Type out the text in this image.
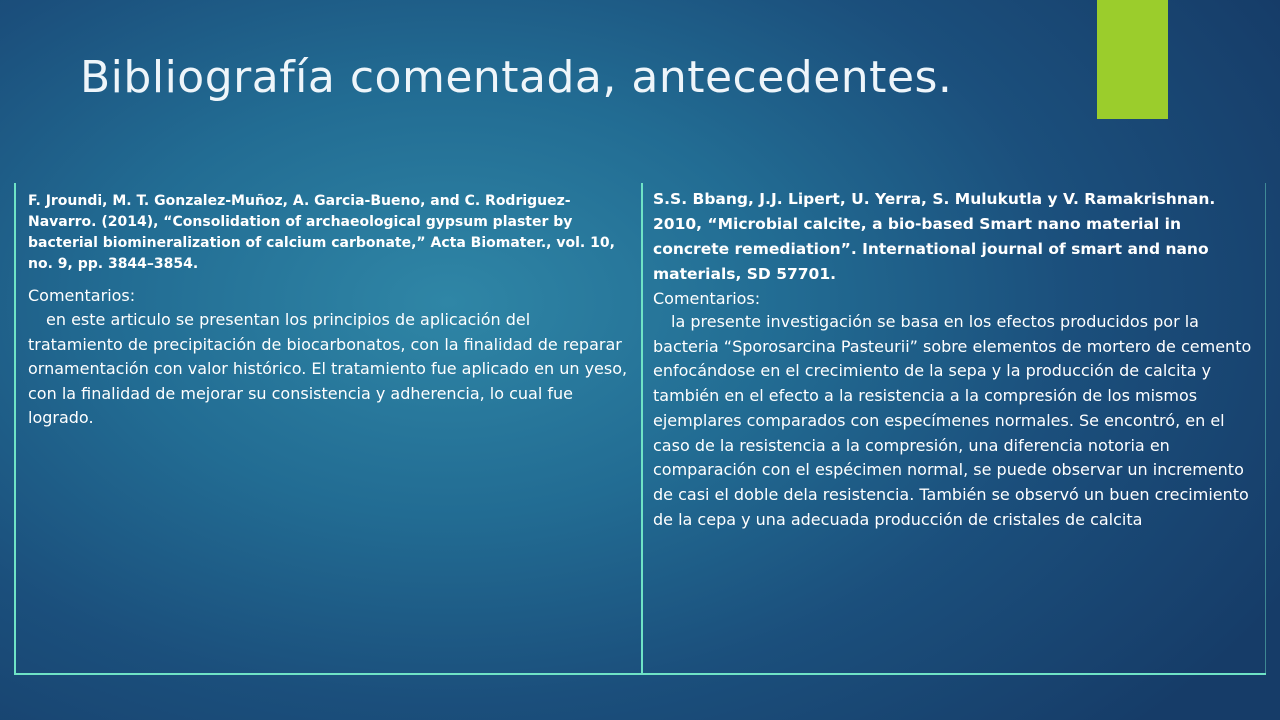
Bibliografía comentada, antecedentes.

F. Jroundi, M. T. Gonzalez-Muñoz, A. Garcia-Bueno, and C. Rodriguez-Navarro. (2014), “Consolidation of archaeological gypsum plaster by bacterial biomineralization of calcium carbonate,” Acta Biomater., vol. 10, no. 9, pp. 3844–3854.

Comentarios:

en este articulo se presentan los principios de aplicación del tratamiento de precipitación de biocarbonatos, con la finalidad de reparar ornamentación con valor histórico. El tratamiento fue aplicado en un yeso, con la finalidad de mejorar su consistencia y adherencia, lo cual fue logrado.

S.S. Bbang, J.J. Lipert, U. Yerra, S. Mulukutla y V. Ramakrishnan. 2010, “Microbial calcite, a bio-based Smart nano material in concrete remediation”. International journal of smart and nano materials, SD 57701.

Comentarios:

la presente investigación se basa en los efectos producidos por la bacteria “Sporosarcina Pasteurii” sobre elementos de mortero de cemento enfocándose en el crecimiento de la sepa y la producción de calcita y también en el efecto a la resistencia a la compresión de los mismos ejemplares comparados con especímenes normales. Se encontró, en el caso de la resistencia a la compresión, una diferencia notoria en comparación con el espécimen normal, se puede observar un incremento de casi el doble dela resistencia. También se observó un buen crecimiento de la cepa y una adecuada producción de cristales de calcita
